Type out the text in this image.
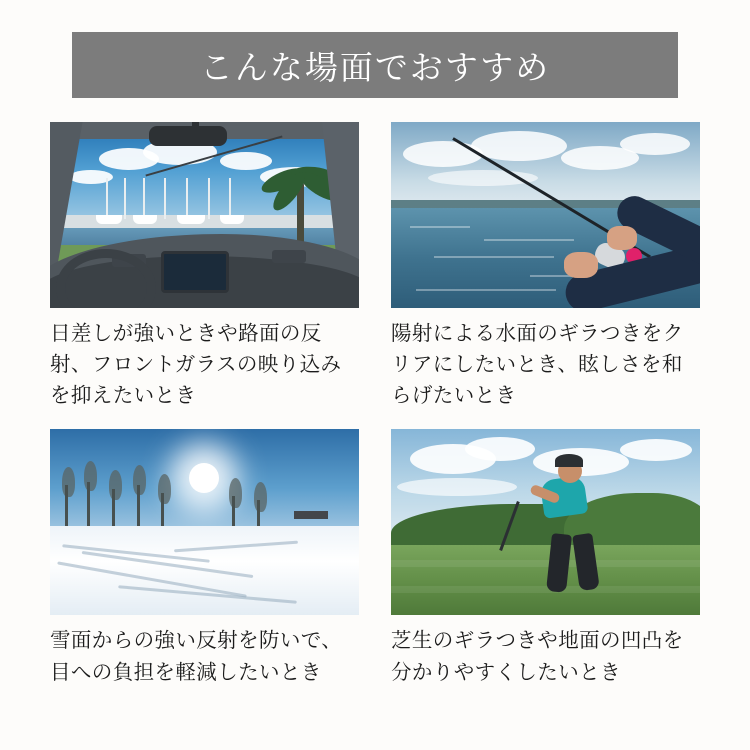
こんな場面でおすすめ
日差しが強いときや路面の反射、フロントガラスの映り込みを抑えたいとき
陽射による水面のギラつきをクリアにしたいとき、眩しさを和らげたいとき
雪面からの強い反射を防いで、目への負担を軽減したいとき
芝生のギラつきや地面の凹凸を分かりやすくしたいとき
